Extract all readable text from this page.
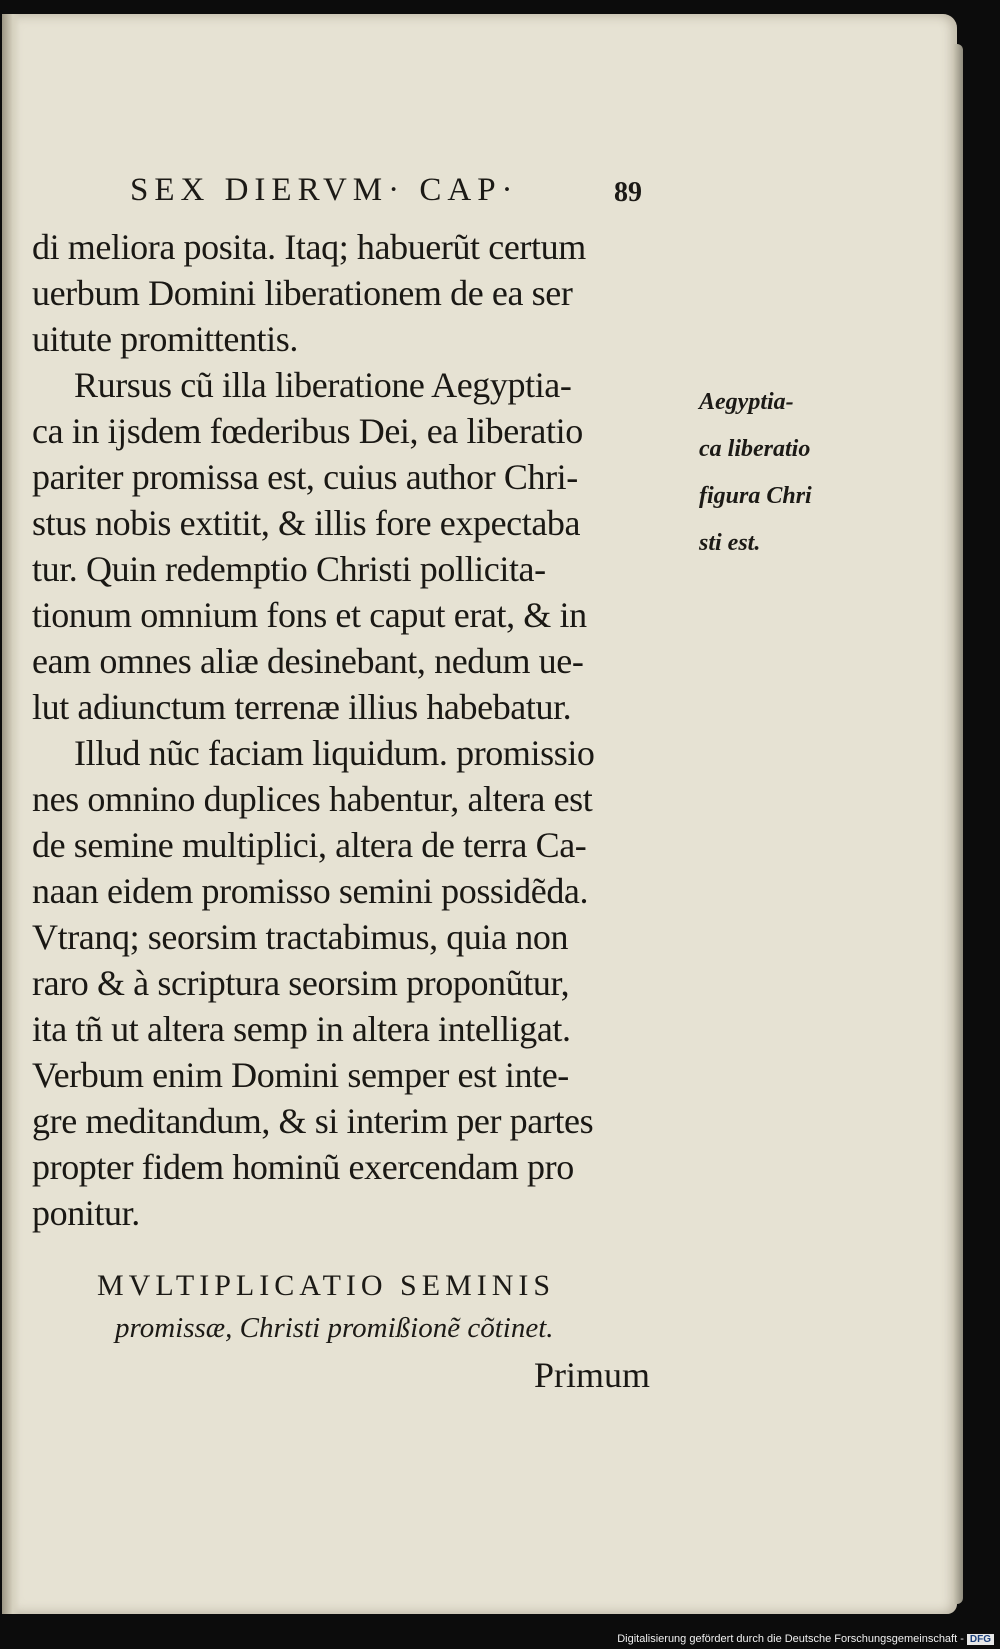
SEX DIERVM· CAP·	89
di meliora posita. Itaq; habuerũt certum
uerbum Domini liberationem de ea ser
uitute promittentis.
Rursus cũ illa liberatione Aegyptia-
ca in ijsdem fœderibus Dei, ea liberatio
pariter promissa est, cuius author Chri-
stus nobis extitit, & illis fore expectaba
tur. Quin redemptio Christi pollicita-
tionum omnium fons et caput erat, & in
eam omnes aliæ desinebant, nedum ue-
lut adiunctum terrenæ illius habebatur.
Illud nũc faciam liquidum. promissio
nes omnino duplices habentur, altera est
de semine multiplici, altera de terra Ca-
naan eidem promisso semini possidẽda.
Vtranq; seorsim tractabimus, quia non
raro & à scriptura seorsim proponũtur,
ita tñ ut altera semp in altera intelligat.
Verbum enim Domini semper est inte-
gre meditandum, & si interim per partes
propter fidem hominũ exercendam pro
ponitur.
Aegyptia-
ca liberatio
figura Chri
sti est.
MVLTIPLICATIO SEMINIS
promissæ, Christi promißionẽ cõtinet.
Primum
Digitalisierung gefördert durch die Deutsche Forschungsgemeinschaft - DFG
